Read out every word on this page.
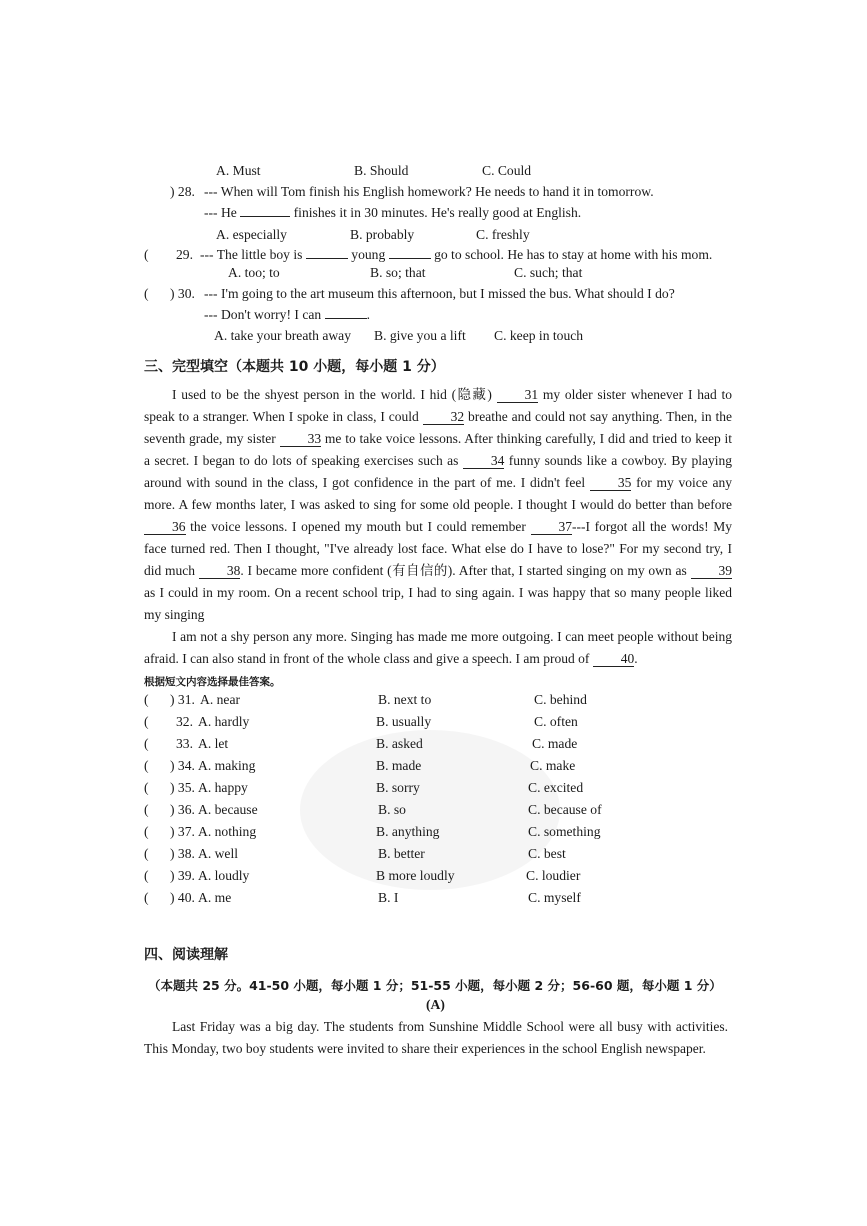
A. Must	B. Should	C. Could
) 28. --- When will Tom finish his English homework? He needs to hand it in tomorrow.
--- He	finishes it in 30 minutes. He's really good at English.
A. especially	B. probably	C. freshly
( 29. --- The little boy is	young	go to school. He has to stay at home with his mom.
A. too; to	B. so; that	C. such; that
( ) 30. --- I'm going to the art museum this afternoon, but I missed the bus. What should I do?
--- Don't worry! I can	.
A. take your breath away B. give you a lift C. keep in touch
三、完型填空（本题共 10 小题，每小题 1 分）
I used to be the shyest person in the world. I hid (隐藏) 31 my older sister whenever I had to speak to a stranger. When I spoke in class, I could 32 breathe and could not say anything. Then, in the seventh grade, my sister 33 me to take voice lessons. After thinking carefully, I did and tried to keep it a secret. I began to do lots of speaking exercises such as 34 funny sounds like a cowboy. By playing around with sound in the class, I got confidence in the part of me. I didn't feel 35 for my voice any more. A few months later, I was asked to sing for some old people. I thought I would do better than before 36 the voice lessons. I opened my mouth but I could remember 37---I forgot all the words! My face turned red. Then I thought, "I've already lost face. What else do I have to lose?" For my second try, I did much 38. I became more confident (有自信的). After that, I started singing on my own as 39 as I could in my room. On a recent school trip, I had to sing again. I was happy that so many people liked my singing
I am not a shy person any more. Singing has made me more outgoing. I can meet people without being afraid. I can also stand in front of the whole class and give a speech. I am proud of 40.
根据短文内容选择最佳答案。
( ) 31. A. near	B. next to	C. behind
( 32. A. hardly	B. usually	C. often
( 33. A. let	B. asked	C. made
( ) 34. A. making	B. made	C. make
( ) 35. A. happy	B. sorry	C. excited
( ) 36. A. because	B. so	C. because of
( ) 37. A. nothing	B. anything	C. something
( ) 38. A. well	B. better	C. best
( ) 39. A. loudly	B more loudly	C. loudier
( ) 40. A. me	B. I	C. myself
四、阅读理解
（本题共 25 分。41-50 小题，每小题 1 分；51-55 小题，每小题 2 分；56-60 题，每小题 1 分）
(A)
Last Friday was a big day. The students from Sunshine Middle School were all busy with activities. This Monday, two boy students were invited to share their experiences in the school English newspaper.
